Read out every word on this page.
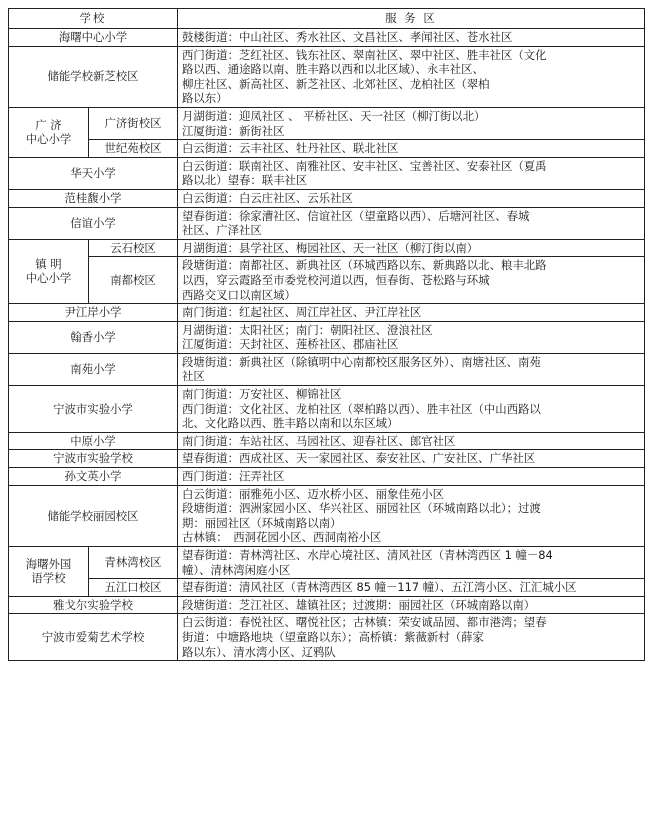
学校		服 务 区
海曙中心小学		鼓楼街道：中山社区、秀水社区、文昌社区、孝闻社区、苍水社区

储能学校新芝校区		西门街道：芝红社区、钱东社区、翠南社区、翠中社区、胜丰社区（文化
路以西、通途路以南、胜丰路以西和以北区域）、永丰社区、
柳庄社区、新高社区、新芝社区、北郊社区、龙柏社区（翠柏
路以东）

广 济
中心小学	广济街校区	月湖街道：迎凤社区 、 平桥社区、天一社区（柳汀街以北）
江厦街道：新街社区

	世纪苑校区	白云街道：云丰社区、牡丹社区、联北社区

华天小学		白云街道：联南社区、南雅社区、安丰社区、宝善社区、安泰社区（夏禹
路以北）望春：联丰社区

范桂馥小学		白云街道：白云庄社区、云乐社区

信谊小学		望春街道：徐家漕社区、信谊社区（望童路以西）、后塘河社区、春城
社区、广泽社区

镇 明
中心小学	云石校区	月湖街道：县学社区、梅园社区、天一社区（柳汀街以南）

	南都校区	段塘街道：南都社区、新典社区（环城西路以东、新典路以北、粮丰北路
以西，穿云霞路至市委党校河道以西，恒春街、苍松路与环城
西路交叉口以南区域）

尹江岸小学		南门街道：红起社区、周江岸社区、尹江岸社区

翰香小学		月湖街道：太阳社区；南门：朝阳社区、澄浪社区
江厦街道：天封社区、莲桥社区、郡庙社区

南苑小学		段塘街道：新典社区（除镇明中心南都校区服务区外）、南塘社区、南苑
社区

宁波市实验小学		南门街道：万安社区、柳锦社区
西门街道：文化社区、龙柏社区（翠柏路以西）、胜丰社区（中山西路以
北、文化路以西、胜丰路以南和以东区域）

中原小学		南门街道：车站社区、马园社区、迎春社区、郎官社区

宁波市实验学校		望春街道：西成社区、天一家园社区、泰安社区、广安社区、广华社区

孙文英小学		西门街道：汪弄社区

储能学校丽园校区		白云街道：丽雅苑小区、迈水桥小区、丽象佳苑小区
段塘街道：泗洲家园小区、华兴社区、丽园社区（环城南路以北）；过渡
期：丽园社区（环城南路以南）
古林镇：　西洞花园小区、西洞南裕小区

海曙外国
语学校	青林湾校区	望春街道：青林湾社区、水岸心境社区、清风社区（青林湾西区 1 幢－84
幢）、清林湾闲庭小区

	五江口校区	望春街道：清风社区（青林湾西区 85 幢－117 幢）、五江湾小区、江汇城小区

雅戈尔实验学校		段塘街道：芝江社区、雄镇社区；过渡期：丽园社区（环城南路以南）

宁波市爱菊艺术学校		白云街道：春悦社区、曙悦社区；古林镇：荣安诚品园、都市港湾；望春
街道：中塘路地块（望童路以东）；高桥镇：紫薇新村（薛家
路以东）、清水湾小区、辽鸦队
